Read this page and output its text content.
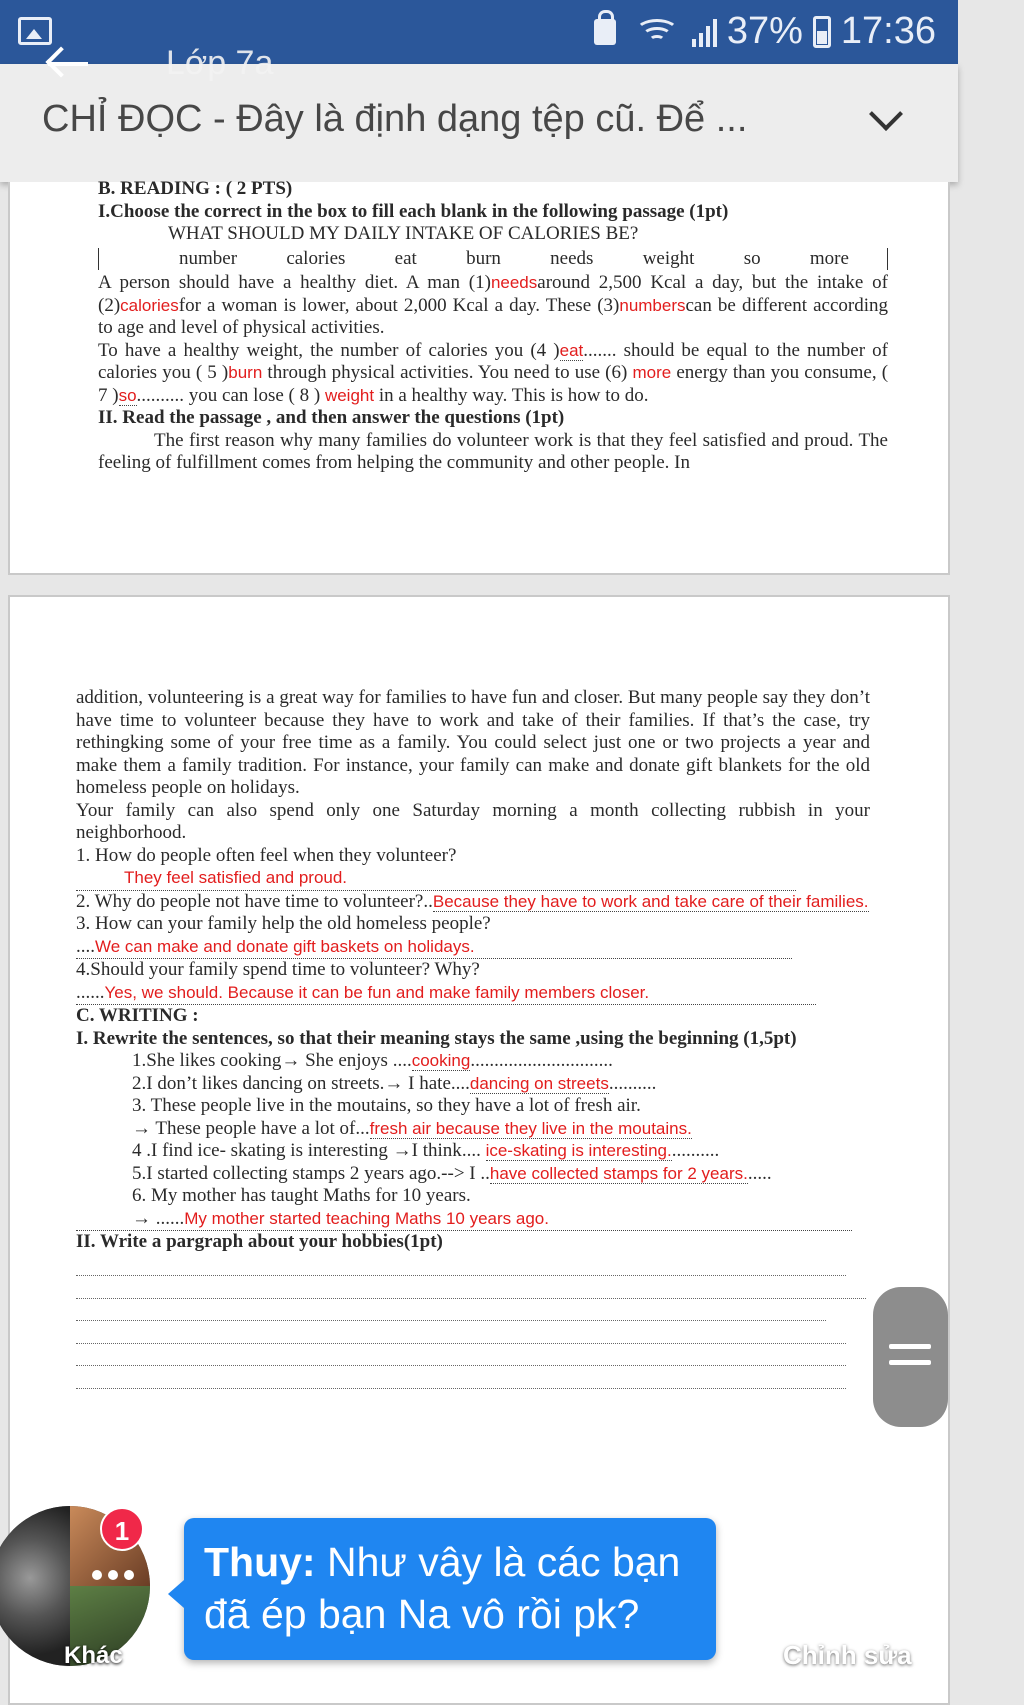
37% 17:36
Lớp 7a
CHỈ ĐỌC - Đây là định dạng tệp cũ. Để ...
B. READING : ( 2 PTS)
I.Choose the correct in the box to fill each blank in the following passage (1pt)
WHAT SHOULD MY DAILY INTAKE OF CALORIES BE?
number	calories	eat	burn	needs	weight	so	more

A person should have a healthy diet. A man (1)needsaround 2,500 Kcal a day, but the intake of (2)caloriesfor a woman is lower, about 2,000 Kcal a day. These (3)numberscan be different according to age and level of physical activities.

To have a healthy weight, the number of calories you (4 )eat....... should be equal to the number of calories you ( 5 )burn through physical activities. You need to use (6) more energy than you consume, ( 7 )so.......... you can lose ( 8 ) weight in a healthy way. This is how to do.

II. Read the passage , and then answer the questions (1pt)

The first reason why many families do volunteer work is that they feel satisfied and proud. The feeling of fulfillment comes from helping the community and other people. In

addition, volunteering is a great way for families to have fun and closer. But many people say they don’t have time to volunteer because they have to work and take of their families. If that’s the case, try rethingking some of your free time as a family. You could select just one or two projects a year and make them a family tradition. For instance, your family can make and donate gift blankets for the old homeless people on holidays.

Your family can also spend only one Saturday morning a month collecting rubbish in your neighborhood.

1. How do people often feel when they volunteer?
They feel satisfied and proud.
2. Why do people not have time to volunteer?..Because they have to work and take care of their families.
3. How can your family help the old homeless people?
....We can make and donate gift baskets on holidays.
4.Should your family spend time to volunteer? Why?
......Yes, we should. Because it can be fun and make family members closer.
C. WRITING :
I. Rewrite the sentences, so that their meaning stays the same ,using the beginning (1,5pt)
1.She likes cooking→ She enjoys ....cooking..............................
2.I don’t likes dancing on streets.→ I hate....dancing on streets..........
3. These people live in the moutains, so they have a lot of fresh air.
→ These people have a lot of...fresh air because they live in the moutains.
4 .I find ice- skating is interesting →I think.... ice-skating is interesting...........
5.I started collecting stamps 2 years ago.--> I ..have collected stamps for 2 years......
6. My mother has taught Maths for 10 years.
→ ......My mother started teaching Maths 10 years ago.
II. Write a pargraph about your hobbies(1pt)
Khác
1
Thuy: Như vây là các bạn đã ép bạn Na vô rồi pk?
Chỉnh sửa
